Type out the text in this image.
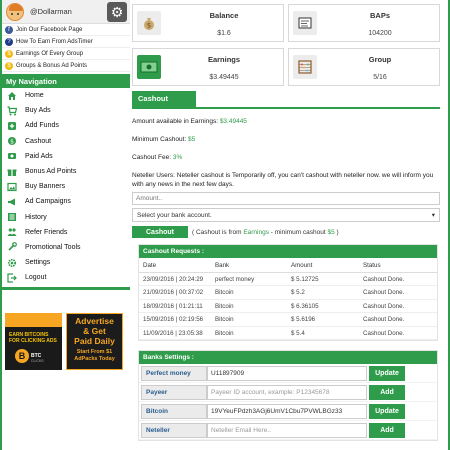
@Dollarman	⚙
f	Join Our Facebook Page
? How To Earn From AdsTimer
$ Earnings Of Every Group
$ Groups & Bonus Ad Points
My Navigation
Home
Buy Ads
Add Funds
$ Cashout
Paid Ads
Bonus Ad Points
Buy Banners
Ad Campaigns
History
Refer Friends
Promotional Tools
Settings
Logout
EARN BITCOINS
FOR CLICKING ADS
B	BTC
CLICKS
Advertise
& Get
Paid Daily
Start From $1
AdPacks Today
$
Balance
$1.6
BAPs
104200
Earnings
$3.49445
Group
5/16
Cashout
Amount available in Earnings: $3.49445
Minimum Cashout: $5
Cashout Fee: 3%
Neteller Users: Neteller cashout is Temporarily off, you can't cashout with neteller now. we will inform you with any news in the next few days.
Amount..
Select your bank account.	▾
Cashout	( Cashout is from Earnings - minimum cashout $5 )
Cashout Requests :
Date	Bank	Amount	Status
23/09/2016 | 20:24:29	perfect money	$ 5.12725	Cashout Done.
21/09/2016 | 00:37:02	Bitcoin	$ 5.2	Cashout Done.
18/09/2016 | 01:21:11	Bitcoin	$ 6.36105	Cashout Done.
15/09/2016 | 02:19:56	Bitcoin	$ 5.6196	Cashout Done.
11/09/2016 | 23:05:38	Bitcoin	$ 5.4	Cashout Done.
Banks Settings :
Perfect money	U11897909	Update
Payeer	Payeer ID account, example: P12345678	Add
Bitcoin	19VYeuFPdzh3AGj6UmV1Cbu7PVWLBGz33	Update
Neteller	Neteller Email Here..	Add
